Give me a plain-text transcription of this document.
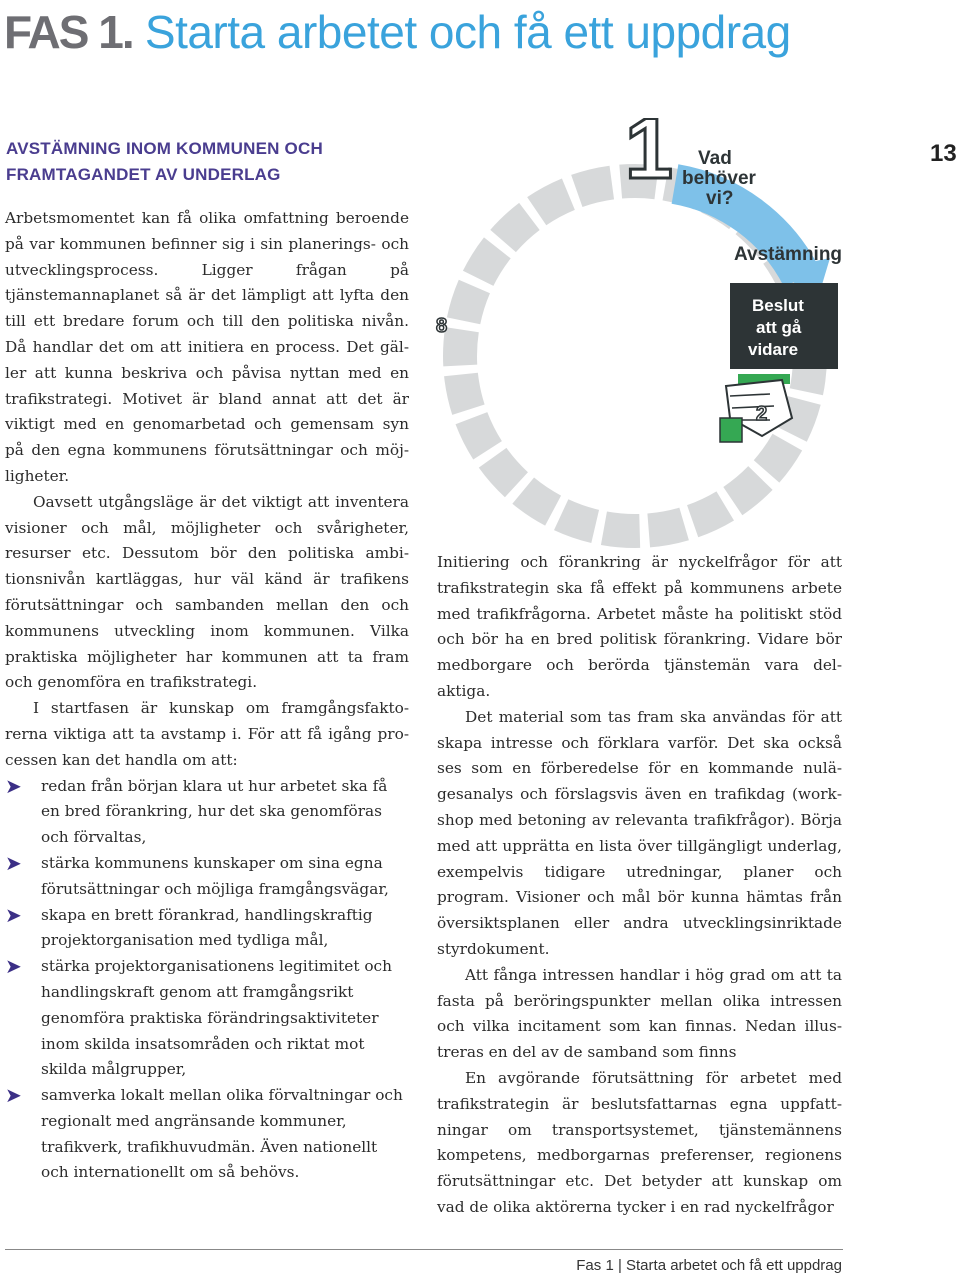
FAS 1. Starta arbetet och få ett uppdrag
13
AVSTÄMNING INOM KOMMUNEN OCH
FRAMTAGANDET AV UNDERLAG

Arbetsmomentet kan få olika omfattning beroende på var kommunen befinner sig i sin planerings- och utvecklingsprocess. Ligger frågan på tjänstemannaplanet så är det lämpligt att lyfta den till ett bredare forum och till den politiska nivån. Då handlar det om att initiera en process. Det gäller att kunna beskriva och påvisa nyttan med en trafikstrategi. Motivet är bland annat att det är viktigt med en genomarbetad och gemensam syn på den egna kommunens förutsättningar och möjligheter.

Oavsett utgångsläge är det viktigt att inventera visioner och mål, möjligheter och svårigheter, resurser etc. Dessutom bör den politiska ambitionsnivån kartläggas, hur väl känd är trafikens förutsättningar och sambanden mellan den och kommunens utveckling inom kommunen. Vilka praktiska möjligheter har kommunen att ta fram och genomföra en trafikstrategi.

I startfasen är kunskap om framgångsfaktorerna viktiga att ta avstamp i. För att få igång processen kan det handla om att:

➤ redan från början klara ut hur arbetet ska få en bred förankring, hur det ska genomföras och förvaltas,
➤ stärka kommunens kunskaper om sina egna förutsättningar och möjliga framgångsvägar,
➤ skapa en brett förankrad, handlingskraftig projektorganisation med tydliga mål,
➤ stärka projektorganisationens legitimitet och handlingskraft genom att framgångsrikt genomföra praktiska förändringsaktiviteter inom skilda insatsområden och riktat mot skilda målgrupper,
➤ samverka lokalt mellan olika förvaltningar och regionalt med angränsande kommuner, trafikverk, trafikhuvudmän. Även nationellt och internationellt om så behövs.
1 Vad
behöver
vi?
Avstämning
Beslut
att gå
vidare
2
8

Initiering och förankring är nyckelfrågor för att trafikstrategin ska få effekt på kommunens arbete med trafikfrågorna. Arbetet måste ha politiskt stöd och bör ha en bred politisk förankring. Vidare bör medborgare och berörda tjänstemän vara delaktiga.

Det material som tas fram ska användas för att skapa intresse och förklara varför. Det ska också ses som en förberedelse för en kommande nulägesanalys och förslagsvis även en trafikdag (workshop med betoning av relevanta trafikfrågor). Börja med att upprätta en lista över tillgängligt underlag, exempelvis tidigare utredningar, planer och program. Visioner och mål bör kunna hämtas från översiktsplanen eller andra utvecklingsinriktade styrdokument.

Att fånga intressen handlar i hög grad om att ta fasta på beröringspunkter mellan olika intressen och vilka incitament som kan finnas. Nedan illustreras en del av de samband som finns

En avgörande förutsättning för arbetet med trafikstrategin är beslutsfattarnas egna uppfattningar om transportsystemet, tjänstemännens kompetens, medborgarnas preferenser, regionens förutsättningar etc. Det betyder att kunskap om vad de olika aktörerna tycker i en rad nyckelfrågor

Fas 1 | Starta arbetet och få ett uppdrag
